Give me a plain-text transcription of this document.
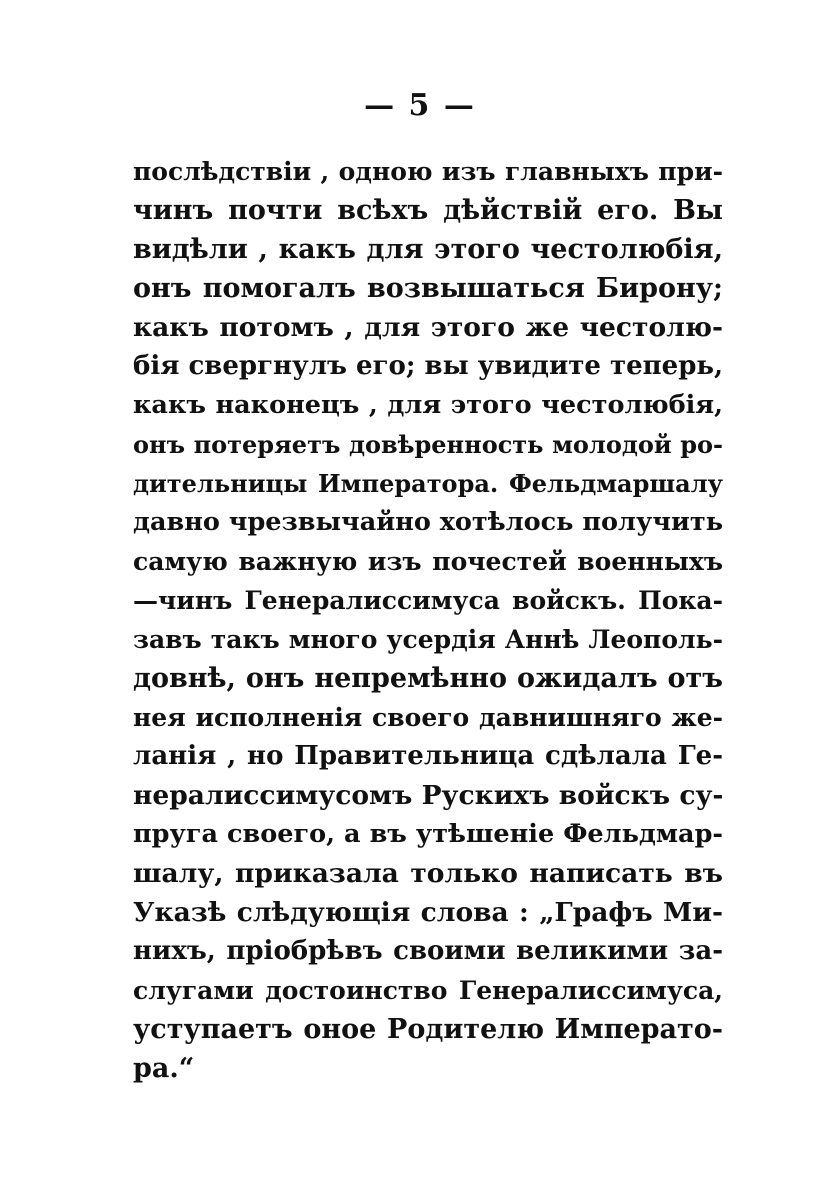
— 5 —
послѣдствіи , одною изъ главныхъ при-
чинъ почти всѣхъ дѣйствій его. Вы
видѣли , какъ для этого честолюбія,
онъ помогалъ возвышаться Бирону;
какъ потомъ , для этого же честолю-
бія свергнулъ его; вы увидите теперь,
какъ наконецъ , для этого честолюбія,
онъ потеряетъ довѣренность молодой ро-
дительницы Императора. Фельдмаршалу
давно чрезвычайно хотѣлось получить
самую важную изъ почестей военныхъ
—чинъ Генералиссимуса войскъ. Пока-
завъ такъ много усердія Аннѣ Леополь-
довнѣ, онъ непремѣнно ожидалъ отъ
нея исполненія своего давнишняго же-
ланія , но Правительница сдѣлала Ге-
нералиссимусомъ Рускихъ войскъ су-
пруга своего, а въ утѣшеніе Фельдмар-
шалу, приказала только написать въ
Указѣ слѣдующія слова : „Графъ Ми-
нихъ, пріобрѣвъ своими великими за-
слугами достоинство Генералиссимуса,
уступаетъ оное Родителю Императо-
ра.“
